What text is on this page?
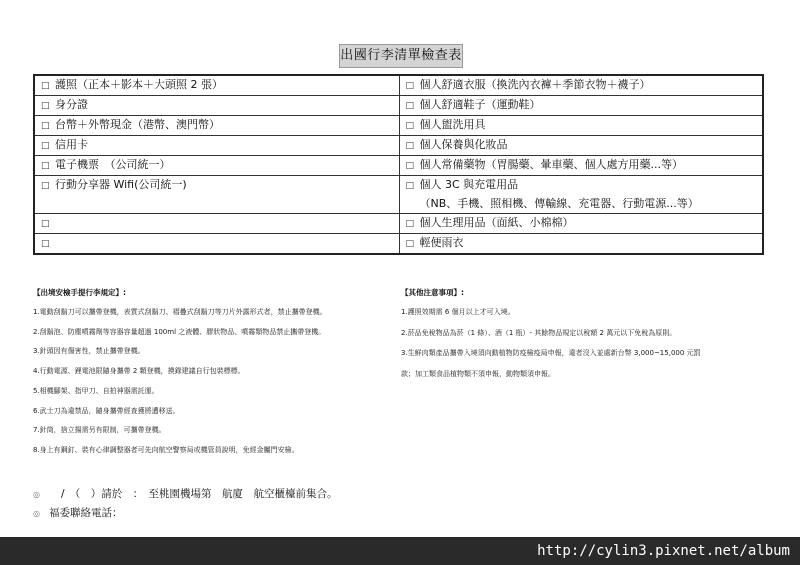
出國行李清單檢查表
□ 護照（正本＋影本＋大頭照 2 張）	□ 個人舒適衣服（換洗內衣褲＋季節衣物＋襪子）
□ 身分證	□ 個人舒適鞋子（運動鞋）
□ 台幣＋外幣現金（港幣、澳門幣）	□ 個人盥洗用具
□ 信用卡	□ 個人保養與化妝品
□ 電子機票　（公司統一）	□ 個人常備藥物（胃腸藥、暈車藥、個人處方用藥...等）
□ 行動分享器 Wifi(公司統一)	□ 個人 3C 與充電用品
（NB、手機、照相機、傳輸線、充電器、行動電源...等）

□	□ 個人生理用品（面紙、小棉棉）
□	□ 輕便雨衣
【出境安檢手提行李規定】:
1.電動刮鬍刀可以攜帶登機，表質式刮鬍刀、褶疊式刮鬍刀等刀片外露形式者，禁止攜帶登機。
2.刮鬍泡、防塵噴霧劑等容器容量超過 100ml 之液體、膠狀物品、噴霧類物品禁止攜帶登機。
3.針頭因有傷害性，禁止攜帶登機。
4.行動電源、鋰電池限隨身攜帶 2 顆登機，摸錄建議自行包裝標標。
5.相機腳架、指甲刀、自拍神器需託運。
6.武士刀為違禁品，隨身攜帶經查獲將遭移送。
7.針筒，捨立揚需另有限制，可攜帶登機。
8.身上有鋼釘、裝有心律調整器者可先向航空警察局或機管員說明，免經金屬門安檢。
【其他注意事項】:
1.護照效期需 6 個月以上才可入境。
2.菸品免稅物品為菸（1 條）、酒（1 瓶）- 其餘物品規定以稅額 2 萬元以下免稅為原則。
3.生鮮肉類產品攜帶入境須向動植物防疫檢疫局申報，違者沒入並處新台幣 3,000~15,000 元罰
款；加工類食品植物類不須申報，動物類須申報。
◎ /　（　）請於　：　至桃園機場第　航廈　航空櫃檯前集合。
◎ 福委聯絡電話：
http://cylin3.pixnet.net/album
